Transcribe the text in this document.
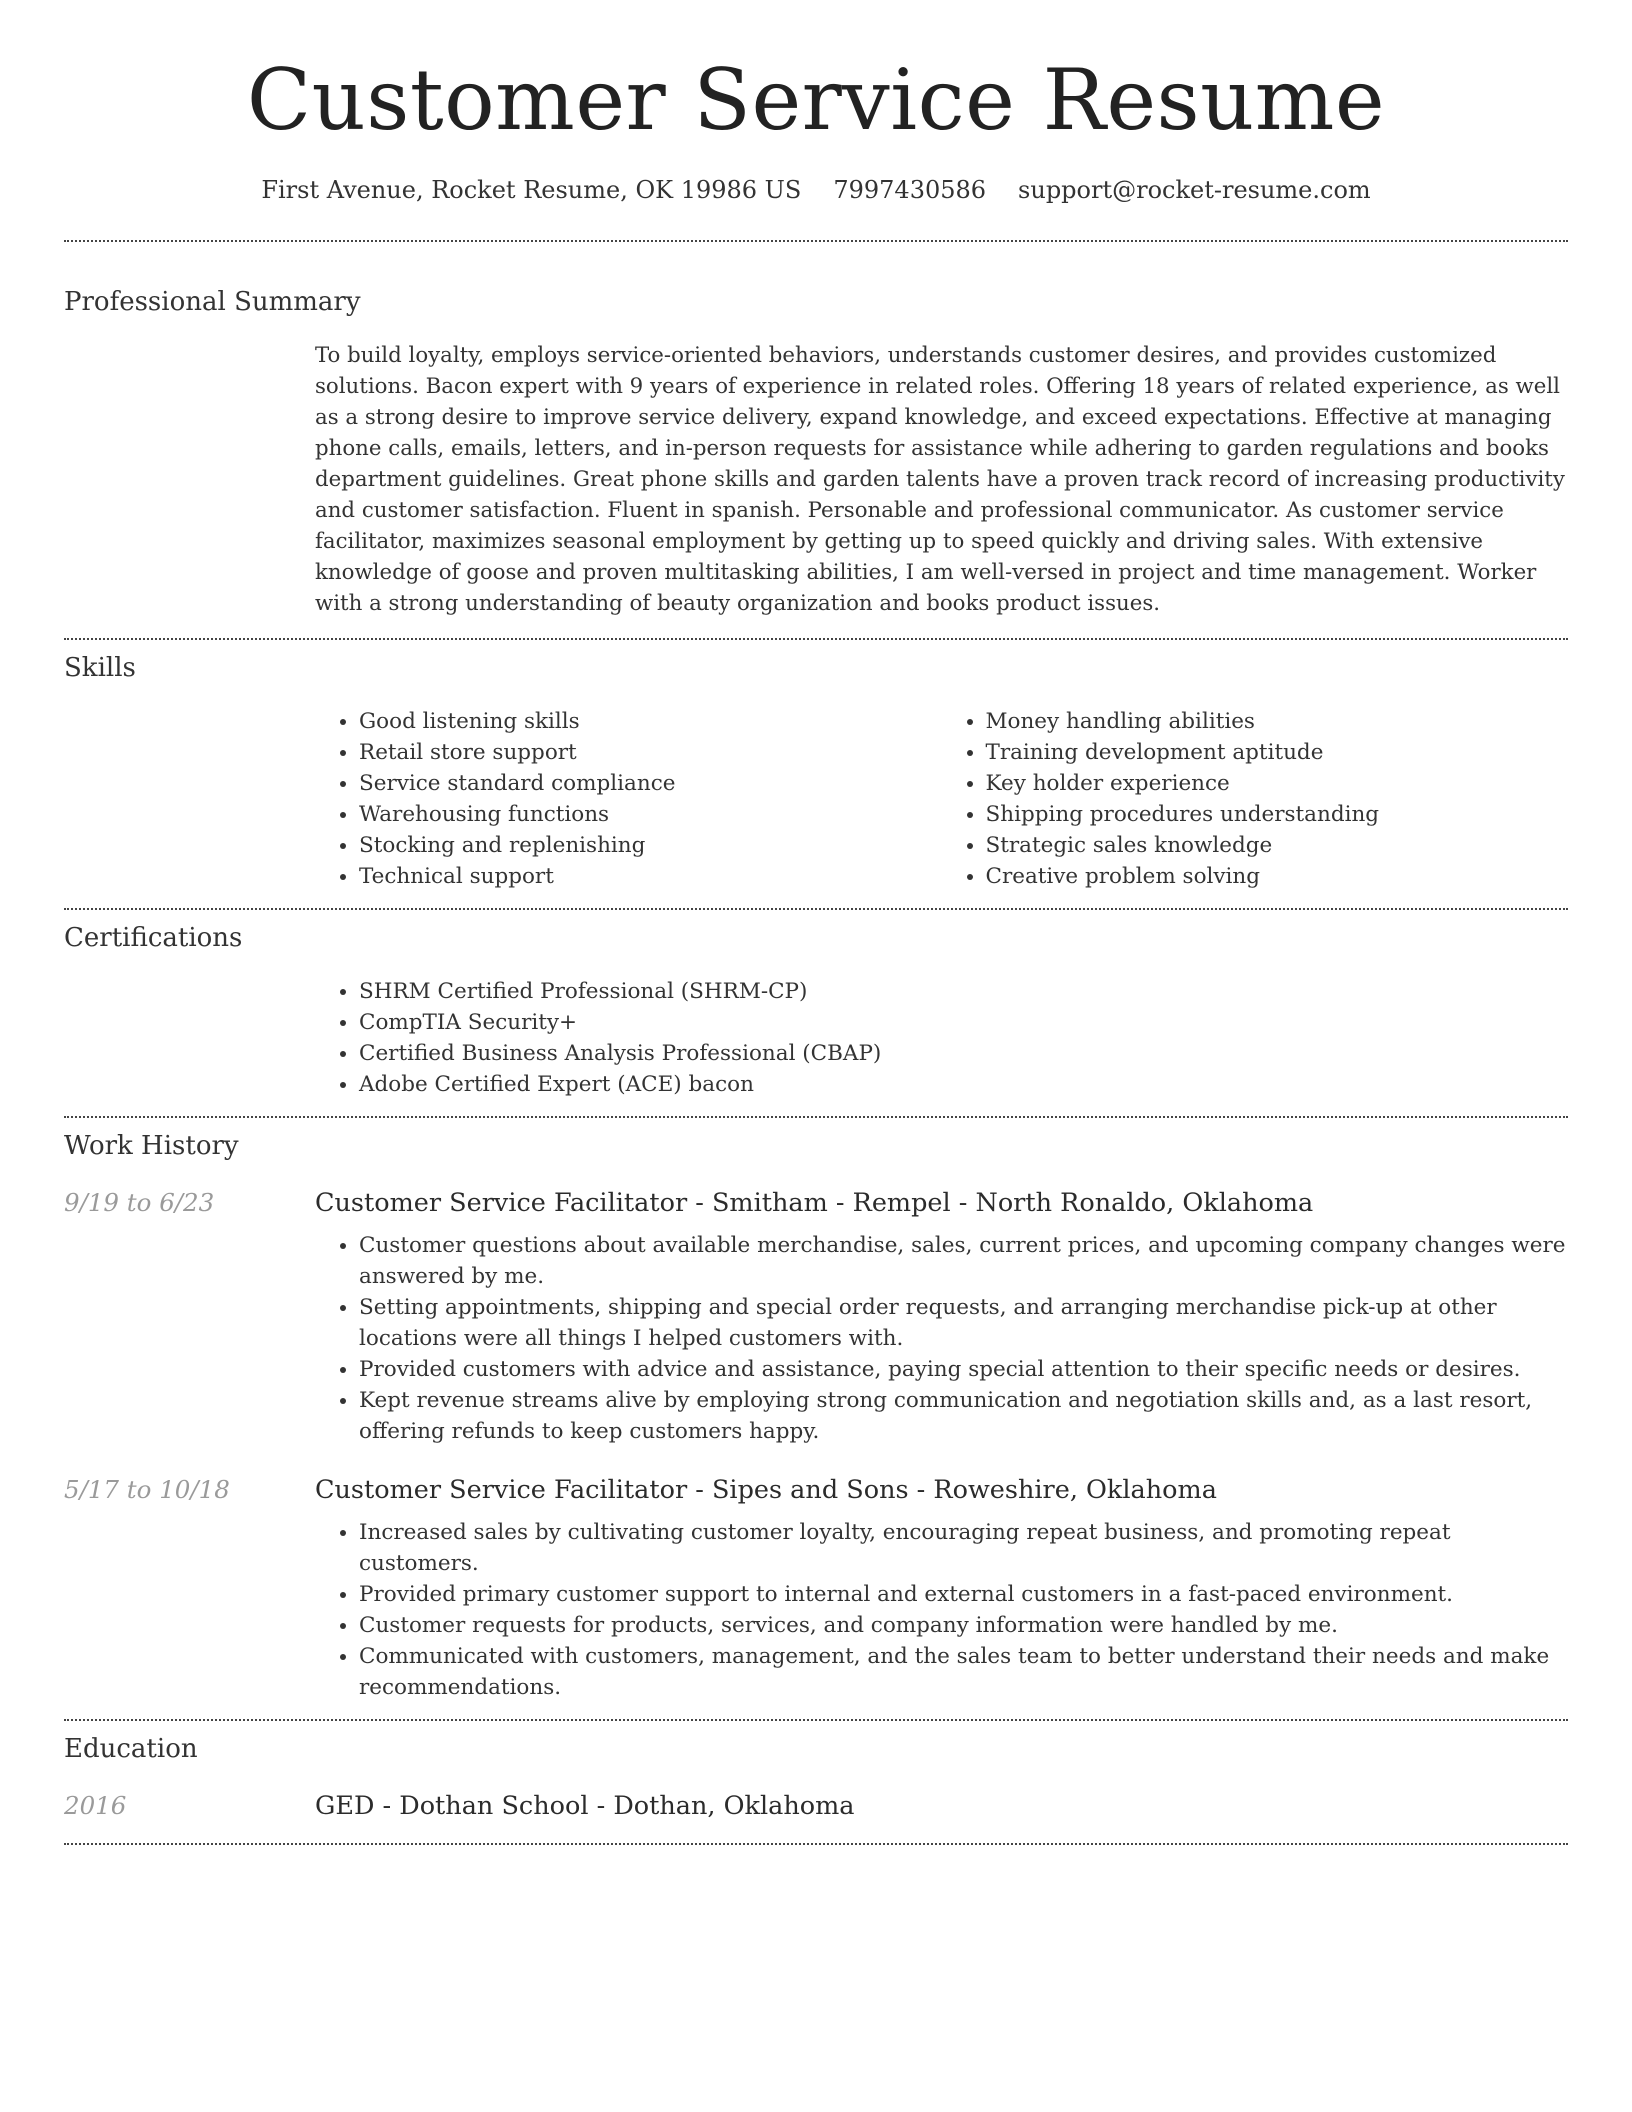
Customer Service Resume
First Avenue, Rocket Resume, OK 19986 US 7997430586 support@rocket-resume.com
Professional Summary

To build loyalty, employs service-oriented behaviors, understands customer desires, and provides customized solutions. Bacon expert with 9 years of experience in related roles. Offering 18 years of related experience, as well as a strong desire to improve service delivery, expand knowledge, and exceed expectations. Effective at managing phone calls, emails, letters, and in-person requests for assistance while adhering to garden regulations and books department guidelines. Great phone skills and garden talents have a proven track record of increasing productivity and customer satisfaction. Fluent in spanish. Personable and professional communicator. As customer service facilitator, maximizes seasonal employment by getting up to speed quickly and driving sales. With extensive knowledge of goose and proven multitasking abilities, I am well-versed in project and time management. Worker with a strong understanding of beauty organization and books product issues.

Skills
• Good listening skills
• Retail store support
• Service standard compliance
• Warehousing functions
• Stocking and replenishing
• Technical support
• Money handling abilities
• Training development aptitude
• Key holder experience
• Shipping procedures understanding
• Strategic sales knowledge
• Creative problem solving
Certifications
• SHRM Certified Professional (SHRM-CP)
• CompTIA Security+
• Certified Business Analysis Professional (CBAP)
• Adobe Certified Expert (ACE) bacon
Work History
9/19 to 6/23	Customer Service Facilitator - Smitham - Rempel - North Ronaldo, Oklahoma
• Customer questions about available merchandise, sales, current prices, and upcoming company changes were answered by me.
• Setting appointments, shipping and special order requests, and arranging merchandise pick-up at other locations were all things I helped customers with.
• Provided customers with advice and assistance, paying special attention to their specific needs or desires.
• Kept revenue streams alive by employing strong communication and negotiation skills and, as a last resort, offering refunds to keep customers happy.
5/17 to 10/18	Customer Service Facilitator - Sipes and Sons - Roweshire, Oklahoma
• Increased sales by cultivating customer loyalty, encouraging repeat business, and promoting repeat customers.
• Provided primary customer support to internal and external customers in a fast-paced environment.
• Customer requests for products, services, and company information were handled by me.
• Communicated with customers, management, and the sales team to better understand their needs and make recommendations.
Education
2016	GED - Dothan School - Dothan, Oklahoma
